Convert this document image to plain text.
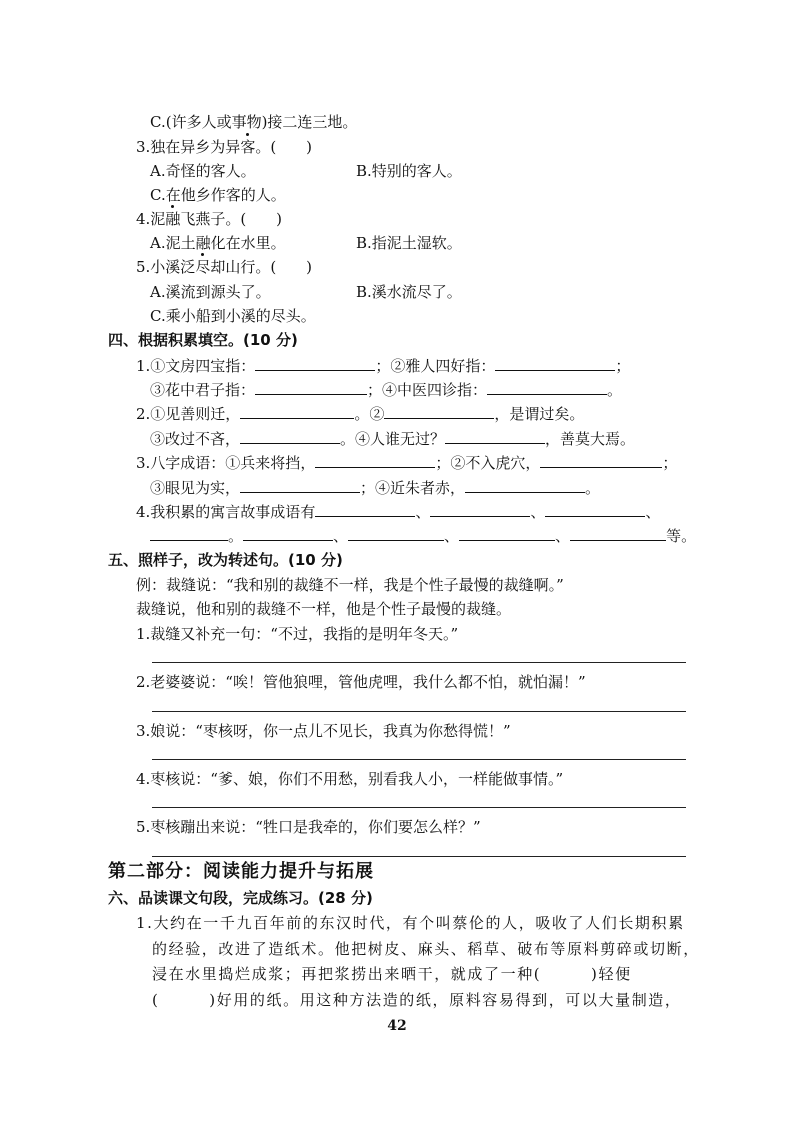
C.(许多人或事物)接二连三地。
3.独在异乡为异客。(　　)
A.奇怪的客人。	B.特别的客人。
C.在他乡作客的人。
4.泥融飞燕子。(　　)
A.泥土融化在水里。	B.指泥土湿软。
5.小溪泛尽却山行。(　　)
A.溪流到源头了。	B.溪水流尽了。
C.乘小船到小溪的尽头。
四、根据积累填空。(10 分)
1.①文房四宝指：	；②雅人四好指：	；
③花中君子指：	；④中医四诊指：	。
2.①见善则迁，	。②	，是谓过矣。
③改过不吝，	。④人谁无过？	，善莫大焉。
3.八字成语：①兵来将挡，	；②不入虎穴，	；
③眼见为实，	；④近朱者赤，	。
4.我积累的寓言故事成语有	、	、	、
。	、	、	、	等。
五、照样子，改为转述句。(10 分)
例：裁缝说：“我和别的裁缝不一样，我是个性子最慢的裁缝啊。”
裁缝说，他和别的裁缝不一样，他是个性子最慢的裁缝。
1.裁缝又补充一句：“不过，我指的是明年冬天。”
2.老婆婆说：“唉！管他狼哩，管他虎哩，我什么都不怕，就怕漏！”
3.娘说：“枣核呀，你一点儿不见长，我真为你愁得慌！”
4.枣核说：“爹、娘，你们不用愁，别看我人小，一样能做事情。”
5.枣核蹦出来说：“牲口是我牵的，你们要怎么样？”
第二部分：阅读能力提升与拓展
六、品读课文句段，完成练习。(28 分)
1.大约在一千九百年前的东汉时代，有个叫蔡伦的人，吸收了人们长期积累
的经验，改进了造纸术。他把树皮、麻头、稻草、破布等原料剪碎或切断，
浸在水里捣烂成浆；再把浆捞出来晒干，就成了一种(　　　)轻便
(　　　)好用的纸。用这种方法造的纸，原料容易得到，可以大量制造，
42
